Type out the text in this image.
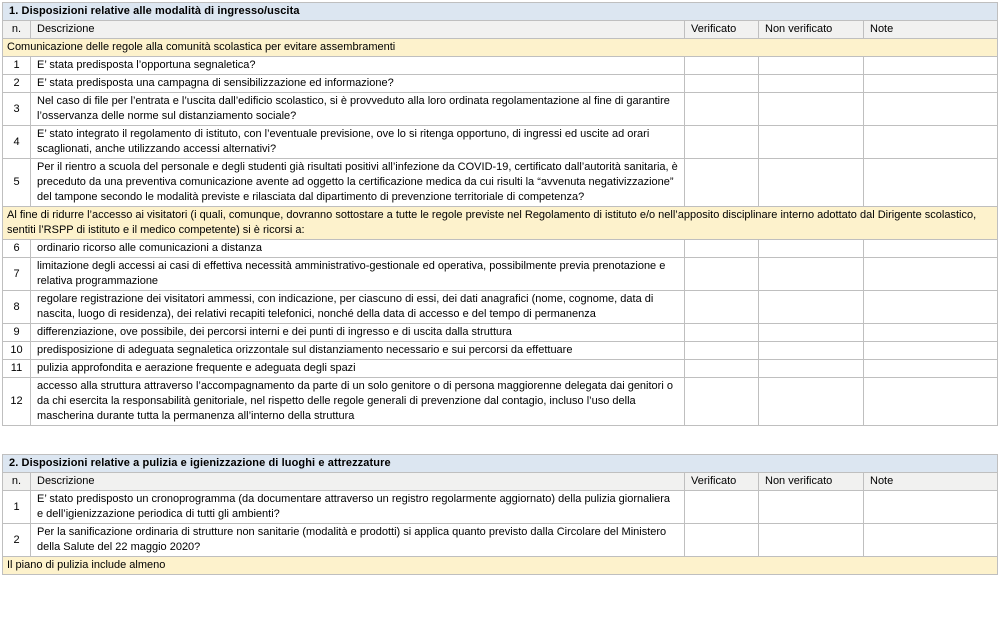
1. Disposizioni relative alle modalità di ingresso/uscita				
n.	Descrizione	Verificato	Non verificato	Note
Comunicazione delle regole alla comunità scolastica per evitare assembramenti				
1	E’ stata predisposta l’opportuna segnaletica?			
2	E’ stata predisposta una campagna di sensibilizzazione ed informazione?			
3	Nel caso di file per l’entrata e l’uscita dall’edificio scolastico, si è provveduto alla loro ordinata regolamentazione al fine di garantire l’osservanza delle norme sul distanziamento sociale?			
4	E’ stato integrato il regolamento di istituto, con l’eventuale previsione, ove lo si ritenga opportuno, di ingressi ed uscite ad orari scaglionati, anche utilizzando accessi alternativi?			
5	Per il rientro a scuola del personale e degli studenti già risultati positivi all’infezione da COVID-19, certificato dall’autorità sanitaria, è preceduto da una preventiva comunicazione avente ad oggetto la certificazione medica da cui risulti la “avvenuta negativizzazione” del tampone secondo le modalità previste e rilasciata dal dipartimento di prevenzione territoriale di competenza?			
Al fine di ridurre l’accesso ai visitatori (i quali, comunque, dovranno sottostare a tutte le regole previste nel Regolamento di istituto e/o nell’apposito disciplinare interno adottato dal Dirigente scolastico, sentiti l’RSPP di istituto e il medico competente) si è ricorsi a:				
6	ordinario ricorso alle comunicazioni a distanza			
7	limitazione degli accessi ai casi di effettiva necessità amministrativo-gestionale ed operativa, possibilmente previa prenotazione e relativa programmazione			
8	regolare registrazione dei visitatori ammessi, con indicazione, per ciascuno di essi, dei dati anagrafici (nome, cognome, data di nascita, luogo di residenza), dei relativi recapiti telefonici, nonché della data di accesso e del tempo di permanenza			
9	differenziazione, ove possibile, dei percorsi interni e dei punti di ingresso e di uscita dalla struttura			
10	predisposizione di adeguata segnaletica orizzontale sul distanziamento necessario e sui percorsi da effettuare			
11	pulizia approfondita e aerazione frequente e adeguata degli spazi			
12	accesso alla struttura attraverso l’accompagnamento da parte di un solo genitore o di persona maggiorenne delegata dai genitori o da chi esercita la responsabilità genitoriale, nel rispetto delle regole generali di prevenzione dal contagio, incluso l’uso della mascherina durante tutta la permanenza all’interno della struttura			
2. Disposizioni relative a pulizia e igienizzazione di luoghi e attrezzature				
n.	Descrizione	Verificato	Non verificato	Note
1	E’ stato predisposto un cronoprogramma (da documentare attraverso un registro regolarmente aggiornato) della pulizia giornaliera e dell’igienizzazione periodica di tutti gli ambienti?			
2	Per la sanificazione ordinaria di strutture non sanitarie (modalità e prodotti) si applica quanto previsto dalla Circolare del Ministero della Salute del 22 maggio 2020?			
Il piano di pulizia include almeno				
